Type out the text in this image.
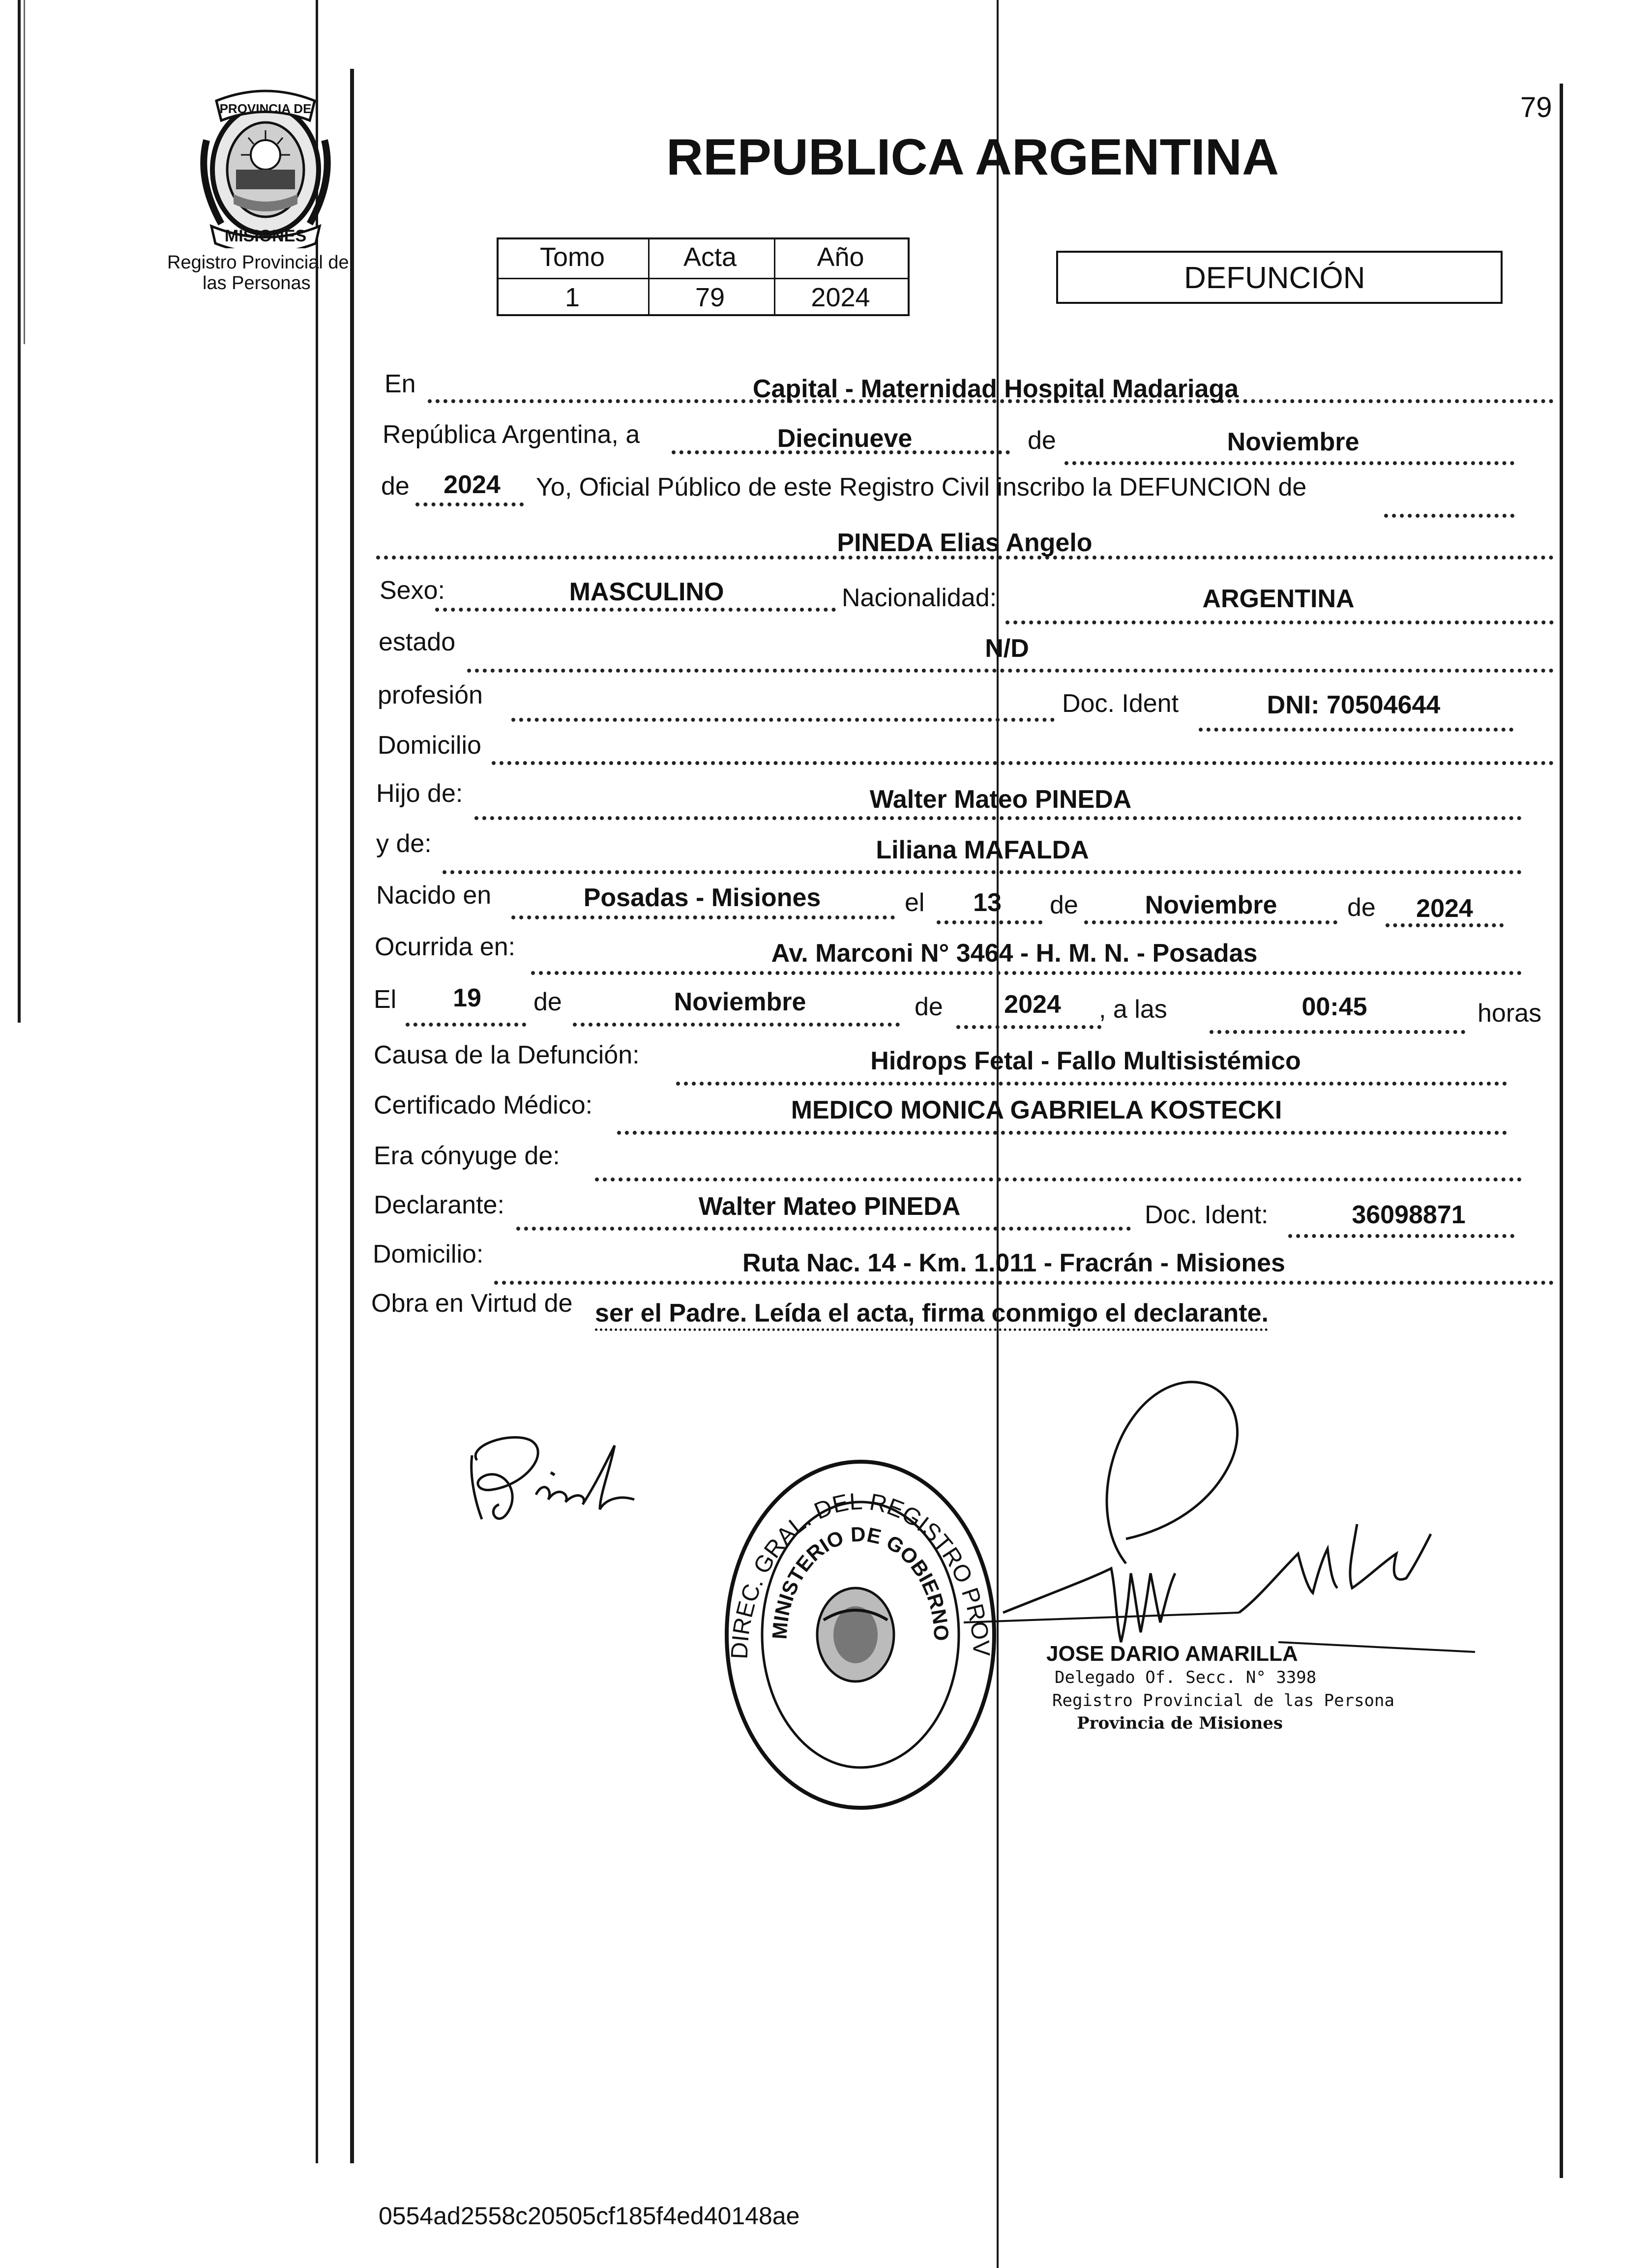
79
PROVINCIA DE
MISIONES
Registro Provincial de
las Personas
REPUBLICA ARGENTINA
Tomo	Acta	Año
1	79	2024
DEFUNCIÓN
En	Capital - Maternidad Hospital Madariaga
República Argentina, a	Diecinueve	de	Noviembre
de 2024 Yo, Oficial Público de este Registro Civil inscribo la DEFUNCION de
PINEDA Elias Angelo
Sexo:	MASCULINO	Nacionalidad:	ARGENTINA
estado	N/D
profesión	Doc. Ident	DNI: 70504644
Domicilio
Hijo de:	Walter Mateo PINEDA
y de:	Liliana MAFALDA
Nacido en	Posadas - Misiones	el 13 de	Noviembre	de 2024
Ocurrida en:	Av. Marconi N° 3464 - H. M. N. - Posadas
El 19 de	Noviembre	de 2024 , a las	00:45	horas
Causa de la Defunción:	Hidrops Fetal - Fallo Multisistémico
Certificado Médico:	MEDICO MONICA GABRIELA KOSTECKI
Era cónyuge de:
Declarante:	Walter Mateo PINEDA	Doc. Ident:	36098871
Domicilio:	Ruta Nac. 14 - Km. 1.011 - Fracrán - Misiones
Obra en Virtud de ser el Padre. Leída el acta, firma conmigo el declarante.
DIREC. GRAL. DEL REGISTRO PROV
MINISTERIO DE GOBIERNO
JOSE DARIO AMARILLA
Delegado Of. Secc. N° 3398
Registro Provincial de las Persona
Provincia de Misiones
0554ad2558c20505cf185f4ed40148ae
